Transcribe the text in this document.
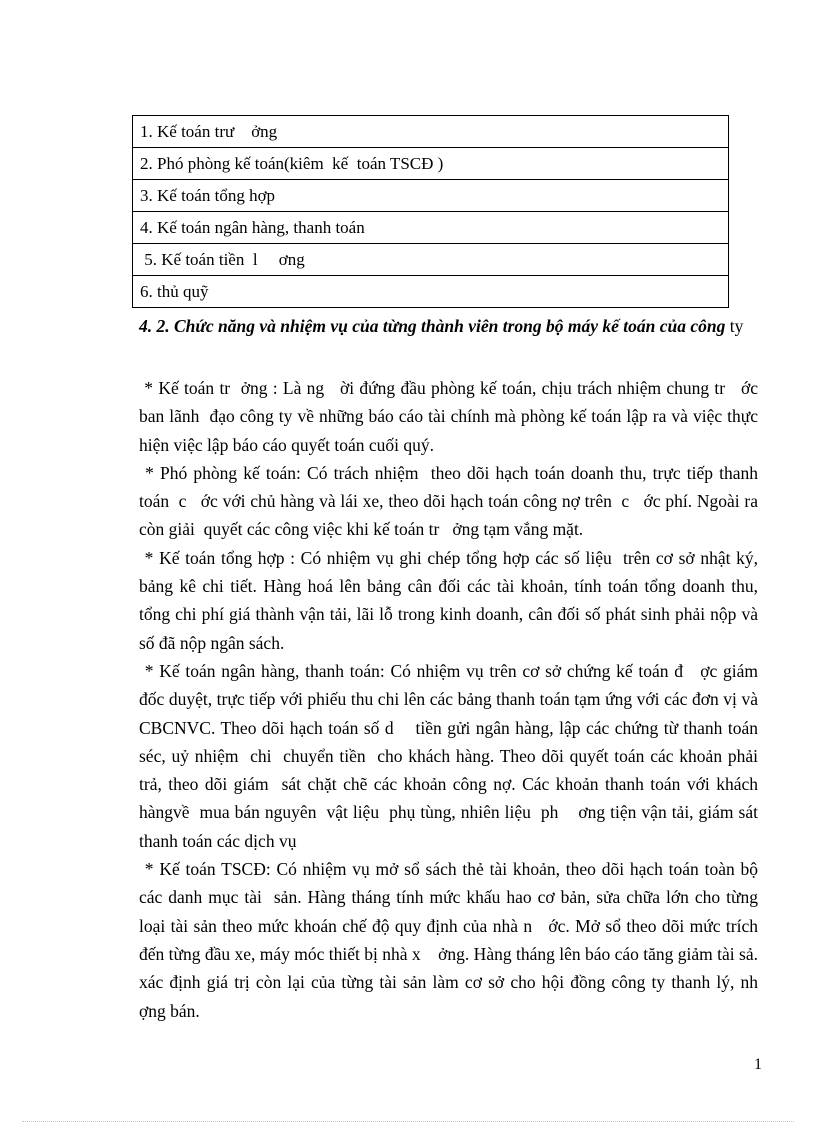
1. Kế toán trư    ởng
2. Phó phòng kế toán(kiêm  kế  toán TSCĐ )
3. Kế toán tổng hợp
4. Kế toán ngân hàng, thanh toán
5. Kế toán tiền  l     ơng
6. thủ quỹ
4. 2. Chức năng và nhiệm vụ của từng thành viên trong bộ máy kế toán của công ty

* Kế toán tr  ởng : Là ng   ời đứng đầu phòng kế toán, chịu trách nhiệm chung tr   ớc ban lãnh  đạo công ty về những báo cáo tài chính mà phòng kế toán lập ra và việc thực hiện việc lập báo cáo quyết toán cuối quý.

* Phó phòng kế toán: Có trách nhiệm  theo dõi hạch toán doanh thu, trực tiếp thanh toán  c   ớc với chủ hàng và lái xe, theo dõi hạch toán công nợ trên  c   ớc phí. Ngoài ra còn giải  quyết các công việc khi kế toán tr   ởng tạm vắng mặt.

* Kế toán tổng hợp : Có nhiệm vụ ghi chép tổng hợp các số liệu  trên cơ sở nhật ký, bảng kê chi tiết. Hàng hoá lên bảng cân đối các tài khoản, tính toán tổng doanh thu, tổng chi phí giá thành vận tải, lãi lỗ trong kinh doanh, cân đối số phát sinh phải nộp và số đã nộp ngân sách.

* Kế toán ngân hàng, thanh toán: Có nhiệm vụ trên cơ sở chứng kế toán đ   ợc giám đốc duyệt, trực tiếp với phiếu thu chi lên các bảng thanh toán tạm ứng với các đơn vị và CBCNVC. Theo dõi hạch toán số d    tiền gửi ngân hàng, lập các chứng từ thanh toán séc, uỷ nhiệm  chi  chuyển tiền  cho khách hàng. Theo dõi quyết toán các khoản phải trả, theo dõi giám  sát chặt chẽ các khoản công nợ. Các khoản thanh toán với khách hàngvề  mua bán nguyên  vật liệu  phụ tùng, nhiên liệu  ph    ơng tiện vận tải, giám sát thanh toán các dịch vụ

* Kế toán TSCĐ: Có nhiệm vụ mở sổ sách thẻ tài khoản, theo dõi hạch toán toàn bộ các danh mục tài  sản. Hàng tháng tính mức khấu hao cơ bản, sửa chữa lớn cho từng loại tài sản theo mức khoán chế độ quy định của nhà n   ớc. Mở sổ theo dõi mức trích đến từng đầu xe, máy móc thiết bị nhà x    ởng. Hàng tháng lên báo cáo tăng giảm tài sả. xác định giá trị còn lại của từng tài sản làm cơ sở cho hội đồng công ty thanh lý, nh    ợng bán.

1
